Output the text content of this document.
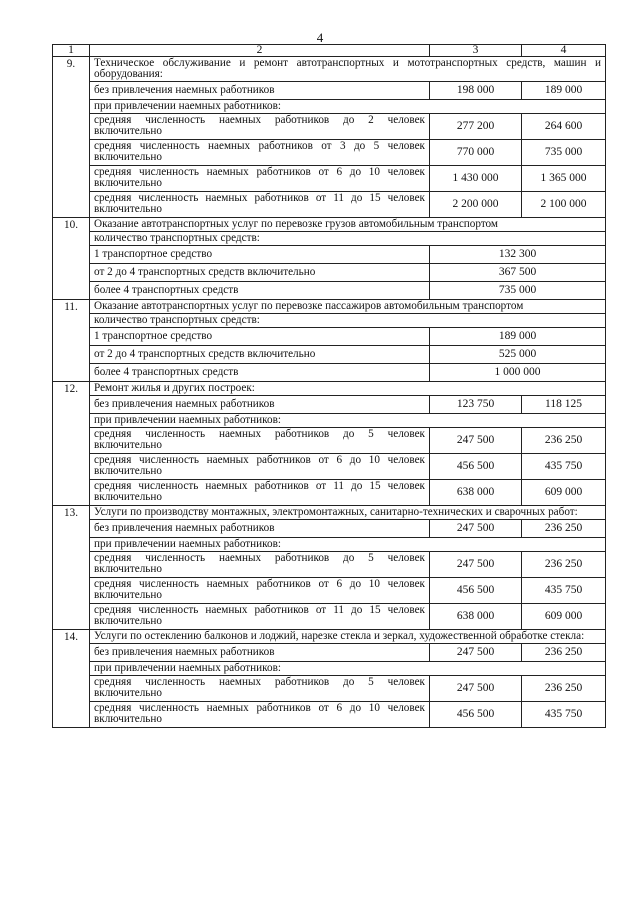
4
1	2	3	4
9.	Техническое обслуживание и ремонт автотранспортных и мототранспортных средств, машин и оборудования:		
	без привлечения наемных работников	198 000	189 000
	при привлечении наемных работников:		
	средняя численность наемных работников до 2 человек включительно	277 200	264 600
	средняя численность наемных работников от 3 до 5 человек включительно	770 000	735 000
	средняя численность наемных работников от 6 до 10 человек включительно	1 430 000	1 365 000
	средняя численность наемных работников от 11 до 15 человек включительно	2 200 000	2 100 000
10.	Оказание автотранспортных услуг по перевозке грузов автомобильным транспортом		
	количество транспортных средств:		
	1 транспортное средство	132 300	
	от 2 до 4 транспортных средств включительно	367 500	
	более 4 транспортных средств	735 000	
11.	Оказание автотранспортных услуг по перевозке пассажиров автомобильным транспортом		
	количество транспортных средств:		
	1 транспортное средство	189 000	
	от 2 до 4 транспортных средств включительно	525 000	
	более 4 транспортных средств	1 000 000	
12.	Ремонт жилья и других построек:		
	без привлечения наемных работников	123 750	118 125
	при привлечении наемных работников:		
	средняя численность наемных работников до 5 человек включительно	247 500	236 250
	средняя численность наемных работников от 6 до 10 человек включительно	456 500	435 750
	средняя численность наемных работников от 11 до 15 человек включительно	638 000	609 000
13.	Услуги по производству монтажных, электромонтажных, санитарно-технических и сварочных работ:		
	без привлечения наемных работников	247 500	236 250
	при привлечении наемных работников:		
	средняя численность наемных работников до 5 человек включительно	247 500	236 250
	средняя численность наемных работников от 6 до 10 человек включительно	456 500	435 750
	средняя численность наемных работников от 11 до 15 человек включительно	638 000	609 000
14.	Услуги по остеклению балконов и лоджий, нарезке стекла и зеркал, художественной обработке стекла:		
	без привлечения наемных работников	247 500	236 250
	при привлечении наемных работников:		
	средняя численность наемных работников до 5 человек включительно	247 500	236 250
	средняя численность наемных работников от 6 до 10 человек включительно	456 500	435 750
